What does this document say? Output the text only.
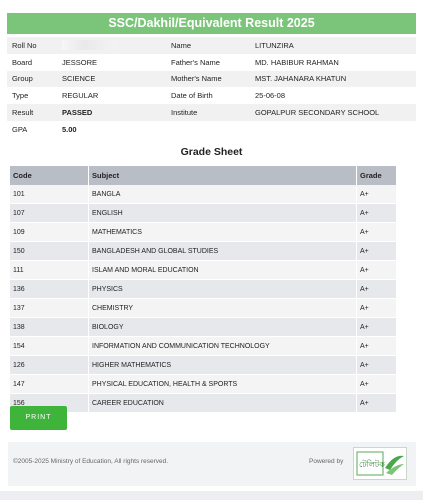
SSC/Dakhil/Equivalent Result 2025
Roll No		Name	LITUNZIRA
Board	JESSORE	Father's Name	MD. HABIBUR RAHMAN
Group	SCIENCE	Mother's Name	MST. JAHANARA KHATUN
Type	REGULAR	Date of Birth	25-06-08
Result	PASSED	Institute	GOPALPUR SECONDARY SCHOOL
GPA	5.00		
Grade Sheet
Code	Subject	Grade
101	BANGLA	A+
107	ENGLISH	A+
109	MATHEMATICS	A+
150	BANGLADESH AND GLOBAL STUDIES	A+
111	ISLAM AND MORAL EDUCATION	A+
136	PHYSICS	A+
137	CHEMISTRY	A+
138	BIOLOGY	A+
154	INFORMATION AND COMMUNICATION TECHNOLOGY	A+
126	HIGHER MATHEMATICS	A+
147	PHYSICAL EDUCATION, HEALTH & SPORTS	A+
156	CAREER EDUCATION	A+
PRINT
©2005-2025 Ministry of Education, All rights reserved.	Powered by টেলিটক
